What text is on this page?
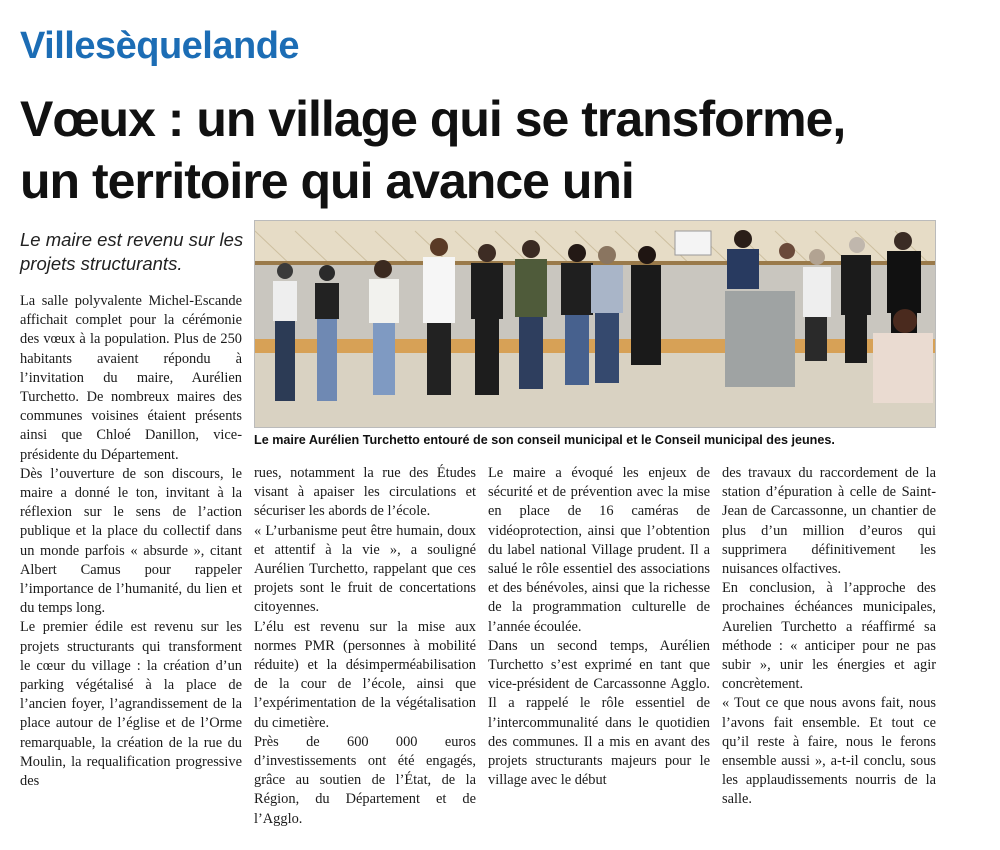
Villesèquelande
Vœux : un village qui se transforme,
un territoire qui avance uni
Le maire est revenu sur les projets structurants.

La salle polyvalente Michel-Escande affichait complet pour la cérémonie des vœux à la population. Plus de 250 habitants avaient répondu à l’invitation du maire, Aurélien Turchetto. De nombreux maires des communes voisines étaient présents ainsi que Chloé Danillon, vice-présidente du Département.

Dès l’ouverture de son discours, le maire a donné le ton, invitant à la réflexion sur le sens de l’action publique et la place du collectif dans un monde parfois « absurde », citant Albert Camus pour rappeler l’importance de l’humanité, du lien et du temps long.

Le premier édile est revenu sur les projets structurants qui transforment le cœur du village : la création d’un parking végétalisé à la place de l’ancien foyer, l’agrandissement de la place autour de l’église et de l’Orme remarquable, la création de la rue du Moulin, la requalification progressive des

Le maire Aurélien Turchetto entouré de son conseil municipal et le Conseil municipal des jeunes.

rues, notamment la rue des Études visant à apaiser les circulations et sécuriser les abords de l’école.

« L’urbanisme peut être humain, doux et attentif à la vie », a souligné Aurélien Turchetto, rappelant que ces projets sont le fruit de concertations citoyennes.

L’élu est revenu sur la mise aux normes PMR (personnes à mobilité réduite) et la désimperméabilisation de la cour de l’école, ainsi que l’expérimentation de la végétalisation du cimetière.

Près de 600 000 euros d’investissements ont été engagés, grâce au soutien de l’État, de la Région, du Département et de l’Agglo.

Le maire a évoqué les enjeux de sécurité et de prévention avec la mise en place de 16 caméras de vidéoprotection, ainsi que l’obtention du label national Village prudent. Il a salué le rôle essentiel des associations et des bénévoles, ainsi que la richesse de la programmation culturelle de l’année écoulée.

Dans un second temps, Aurélien Turchetto s’est exprimé en tant que vice-président de Carcassonne Agglo. Il a rappelé le rôle essentiel de l’intercommunalité dans le quotidien des communes. Il a mis en avant des projets structurants majeurs pour le village avec le début

des travaux du raccordement de la station d’épuration à celle de Saint-Jean de Carcassonne, un chantier de plus d’un million d’euros qui supprimera définitivement les nuisances olfactives.

En conclusion, à l’approche des prochaines échéances municipales, Aurelien Turchetto a réaffirmé sa méthode : « anticiper pour ne pas subir », unir les énergies et agir concrètement.

« Tout ce que nous avons fait, nous l’avons fait ensemble. Et tout ce qu’il reste à faire, nous le ferons ensemble aussi », a-t-il conclu, sous les applaudissements nourris de la salle.
